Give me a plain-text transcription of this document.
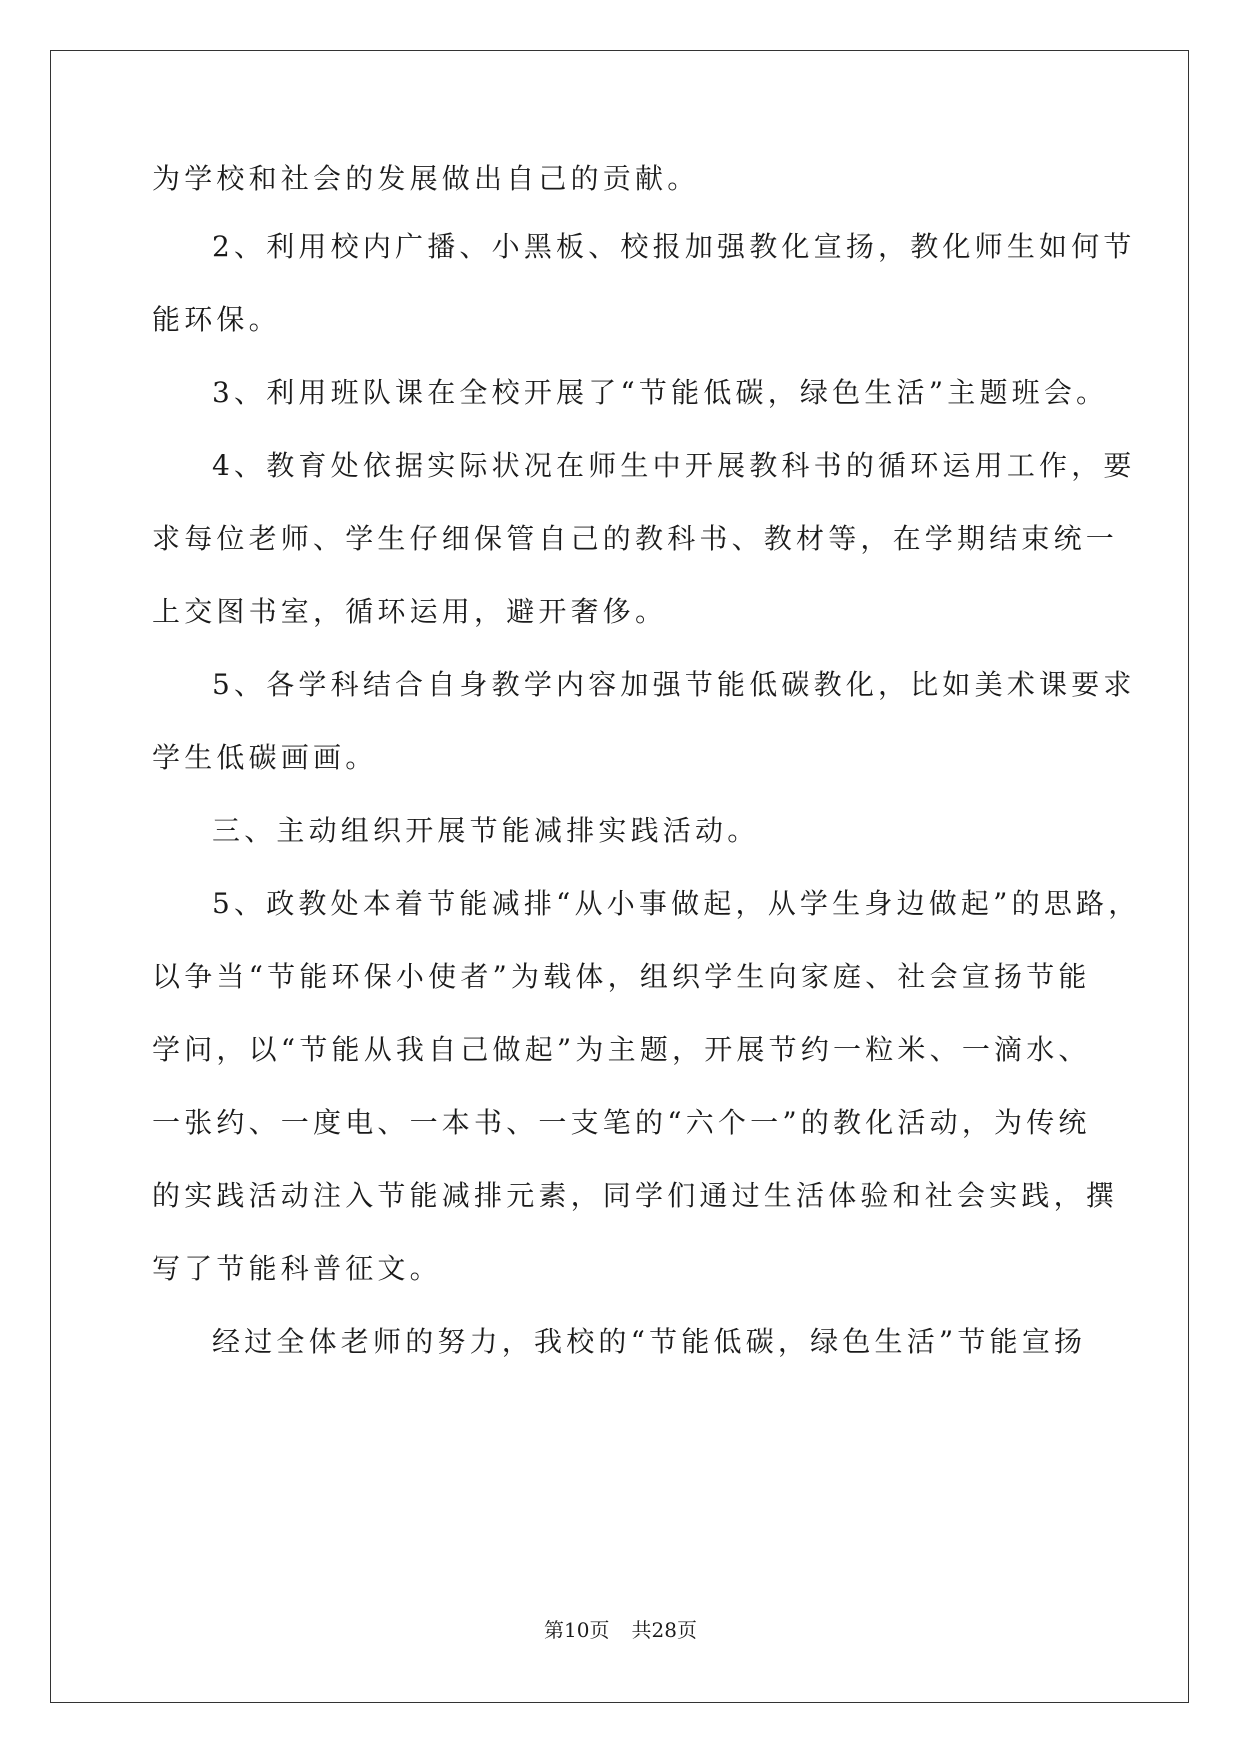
为学校和社会的发展做出自己的贡献。
2、利用校内广播、小黑板、校报加强教化宣扬，教化师生如何节
能环保。
3、利用班队课在全校开展了“节能低碳，绿色生活”主题班会。
4、教育处依据实际状况在师生中开展教科书的循环运用工作，要
求每位老师、学生仔细保管自己的教科书、教材等，在学期结束统一
上交图书室，循环运用，避开奢侈。
5、各学科结合自身教学内容加强节能低碳教化，比如美术课要求
学生低碳画画。
三、主动组织开展节能减排实践活动。
5、政教处本着节能减排“从小事做起，从学生身边做起”的思路，
以争当“节能环保小使者”为载体，组织学生向家庭、社会宣扬节能
学问，以“节能从我自己做起”为主题，开展节约一粒米、一滴水、
一张约、一度电、一本书、一支笔的“六个一”的教化活动，为传统
的实践活动注入节能减排元素，同学们通过生活体验和社会实践，撰
写了节能科普征文。
经过全体老师的努力，我校的“节能低碳，绿色生活”节能宣扬
第10页 共28页
